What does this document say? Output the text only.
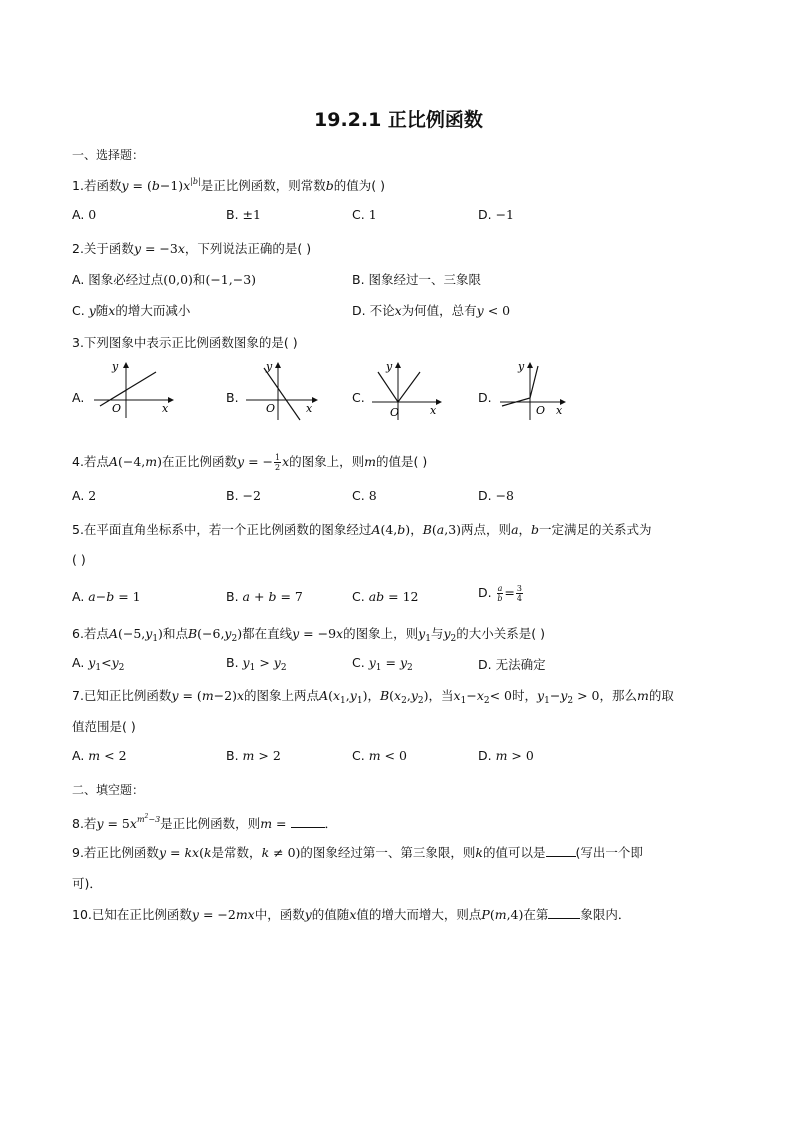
19.2.1 正比例函数
一、选择题：
1.若函数$y = (b-1)x^{|b|}$是正比例函数，则常数b的值为( )
A. 0	B. ±1	C. 1	D. −1
2.关于函数y = −3x，下列说法正确的是( )
A. 图象必经过点(0,0)和(−1,−3)	B. 图象经过一、三象限
C. y随x的增大而减小	D. 不论x为何值，总有y < 0
3.下列图象中表示正比例函数图象的是( )
A.
y
x
O
B.
y
x
O
C.
y
x
O
D.
y
x
O
4.若点A(−4,m)在正比例函数y = − $\frac{1}{2}$ x的图象上，则m的值是( )
A. 2	B. −2	C. 8	D. −8
5.在平面直角坐标系中，若一个正比例函数的图象经过A(4,b)，B(a,3)两点，则a，b一定满足的关系式为
( )
A. a−b = 1	B. a + b = 7	C. ab = 12	D. $\frac{a}{b} = \frac{3}{4}$
6.若点$A(-5,y_1)$和点$B(-6,y_2)$都在直线y = −9x的图象上，则$y_1$与$y_2$的大小关系是( )
A. $y_1<y_2$	B. $y_1 > y_2$	C. $y_1 = y_2$	D. 无法确定
7.已知正比例函数y = (m−2)x的图象上两点$A(x_1,y_1)$，$B(x_2,y_2)$，当$x_1-x_2< 0$时，$y_1-y_2 > 0$，那么m的取
值范围是( )
A. m < 2	B. m > 2	C. m < 0	D. m > 0
二、填空题：
8.若$y = 5x^{m^2-3}$是正比例函数，则m =	．
9.若正比例函数y = kx(k是常数，k ≠ 0)的图象经过第一、第三象限，则k的值可以是 (写出一个即
可)．
10.已知在正比例函数y = −2mx中，函数y的值随x值的增大而增大，则点P(m,4)在第	象限内．
